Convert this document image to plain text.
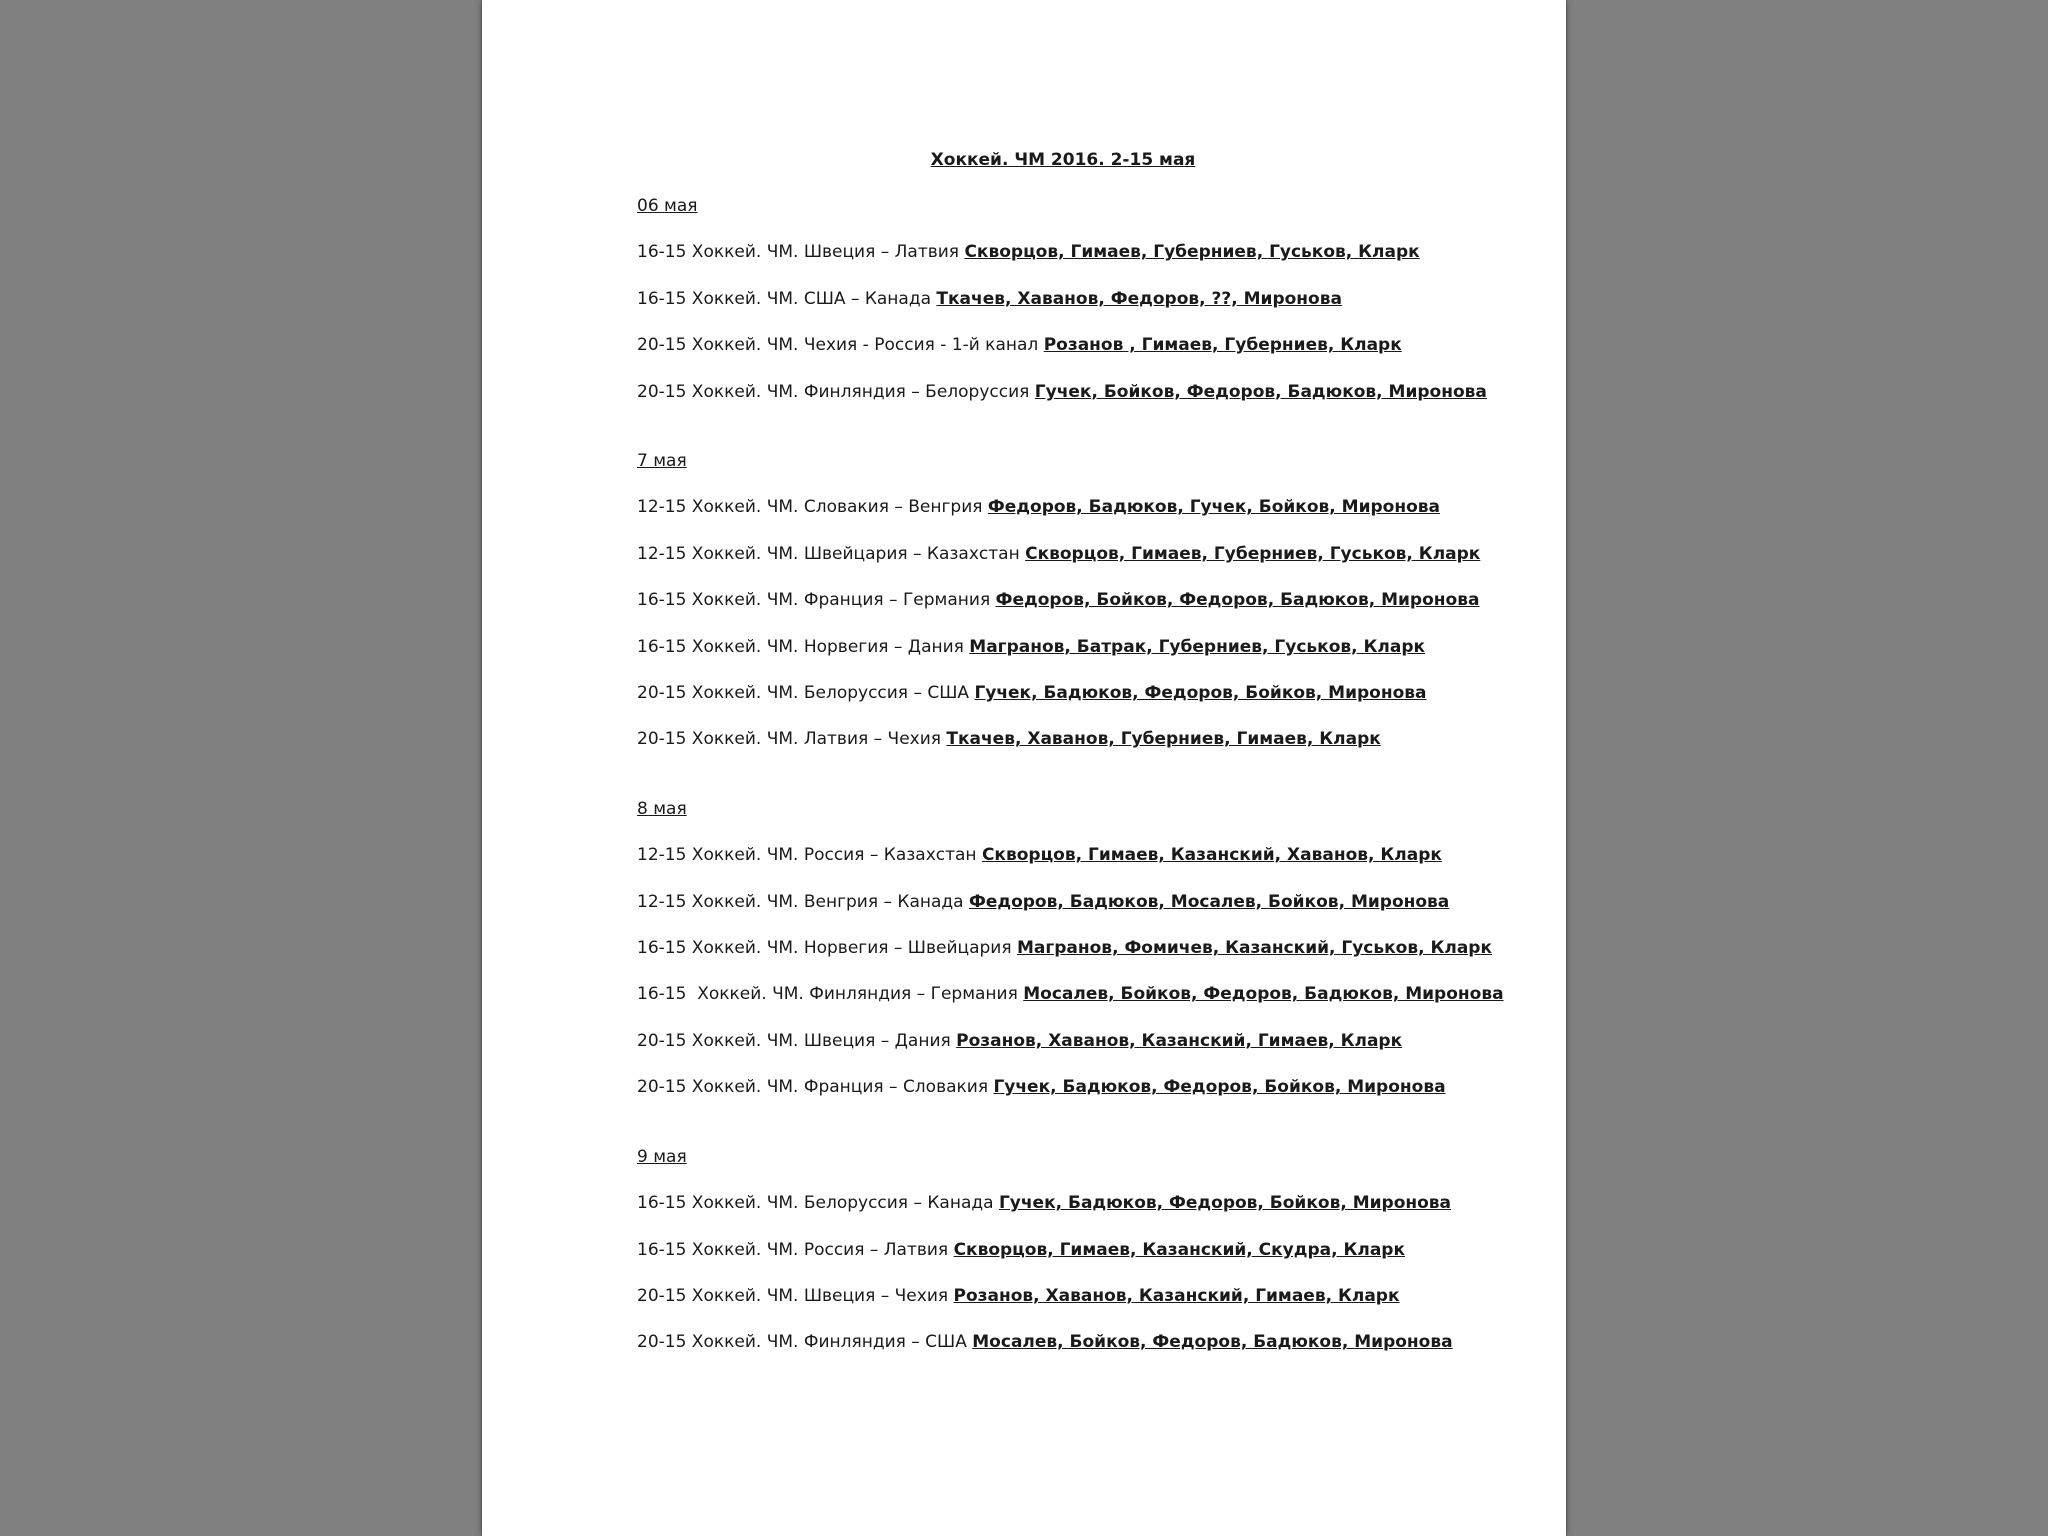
Хоккей. ЧМ 2016. 2-15 мая

06 мая

16-15 Хоккей. ЧМ. Швеция – Латвия Скворцов, Гимаев, Губерниев, Гуськов, Кларк

16-15 Хоккей. ЧМ. США – Канада Ткачев, Хаванов, Федоров, ??, Миронова

20-15 Хоккей. ЧМ. Чехия - Россия - 1-й канал Розанов , Гимаев, Губерниев, Кларк

20-15 Хоккей. ЧМ. Финляндия – Белоруссия Гучек, Бойков, Федоров, Бадюков, Миронова

7 мая

12-15 Хоккей. ЧМ. Словакия – Венгрия Федоров, Бадюков, Гучек, Бойков, Миронова

12-15 Хоккей. ЧМ. Швейцария – Казахстан Скворцов, Гимаев, Губерниев, Гуськов, Кларк

16-15 Хоккей. ЧМ. Франция – Германия Федоров, Бойков, Федоров, Бадюков, Миронова

16-15 Хоккей. ЧМ. Норвегия – Дания Магранов, Батрак, Губерниев, Гуськов, Кларк

20-15 Хоккей. ЧМ. Белоруссия – США Гучек, Бадюков, Федоров, Бойков, Миронова

20-15 Хоккей. ЧМ. Латвия – Чехия Ткачев, Хаванов, Губерниев, Гимаев, Кларк

8 мая

12-15 Хоккей. ЧМ. Россия – Казахстан Скворцов, Гимаев, Казанский, Хаванов, Кларк

12-15 Хоккей. ЧМ. Венгрия – Канада Федоров, Бадюков, Мосалев, Бойков, Миронова

16-15 Хоккей. ЧМ. Норвегия – Швейцария Магранов, Фомичев, Казанский, Гуськов, Кларк

16-15  Хоккей. ЧМ. Финляндия – Германия Мосалев, Бойков, Федоров, Бадюков, Миронова

20-15 Хоккей. ЧМ. Швеция – Дания Розанов, Хаванов, Казанский, Гимаев, Кларк

20-15 Хоккей. ЧМ. Франция – Словакия Гучек, Бадюков, Федоров, Бойков, Миронова

9 мая

16-15 Хоккей. ЧМ. Белоруссия – Канада Гучек, Бадюков, Федоров, Бойков, Миронова

16-15 Хоккей. ЧМ. Россия – Латвия Скворцов, Гимаев, Казанский, Скудра, Кларк

20-15 Хоккей. ЧМ. Швеция – Чехия Розанов, Хаванов, Казанский, Гимаев, Кларк

20-15 Хоккей. ЧМ. Финляндия – США Мосалев, Бойков, Федоров, Бадюков, Миронова
